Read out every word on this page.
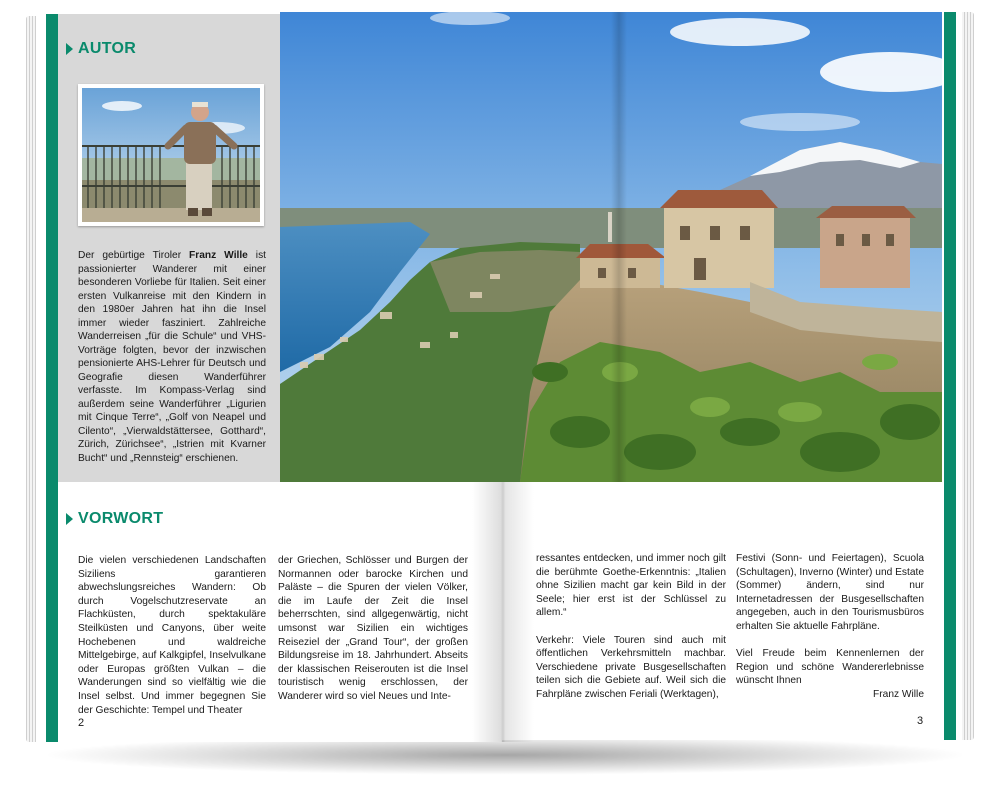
AUTOR
Der gebürtige Tiroler Franz Wille ist passionierter Wanderer mit einer besonderen Vorliebe für Italien. Seit einer ersten Vulkanreise mit den Kindern in den 1980er Jahren hat ihn die Insel immer wieder fasziniert. Zahlreiche Wanderreisen „für die Schule“ und VHS-Vorträge folgten, bevor der inzwischen pensionierte AHS-Lehrer für Deutsch und Geografie diesen Wanderführer verfasste. Im Kompass-Verlag sind außerdem seine Wanderführer „Ligurien mit Cinque Terre“, „Golf von Neapel und Cilento“, „Vierwaldstättersee, Gotthard“, Zürich, Zürichsee“, „Istrien mit Kvarner Bucht“ und „Rennsteig“ erschienen.
VORWORT

Die vielen verschiedenen Landschaften Siziliens garantieren abwechslungsreiches Wandern: Ob durch Vogelschutzreservate an Flachküsten, durch spektakuläre Steilküsten und Canyons, über weite Hochebenen und waldreiche Mittelgebirge, auf Kalkgipfel, Inselvulkane oder Europas größten Vulkan – die Wanderungen sind so vielfältig wie die Insel selbst. Und immer begegnen Sie der Geschichte: Tempel und Theater

der Griechen, Schlösser und Burgen der Normannen oder barocke Kirchen und Paläste – die Spuren der vielen Völker, die im Laufe der Zeit die Insel beherrschten, sind allgegenwärtig, nicht umsonst war Sizilien ein wichtiges Reiseziel der „Grand Tour“, der großen Bildungsreise im 18. Jahrhundert. Abseits der klassischen Reiserouten ist die Insel touristisch wenig erschlossen, der Wanderer wird so viel Neues und Inte-

2

ressantes entdecken, und immer noch gilt die berühmte Goethe-Erkenntnis: „Italien ohne Sizilien macht gar kein Bild in der Seele; hier erst ist der Schlüssel zu allem.“

Verkehr: Viele Touren sind auch mit öffentlichen Verkehrsmitteln machbar. Verschiedene private Busgesellschaften teilen sich die Gebiete auf. Weil sich die Fahrpläne zwischen Feriali (Werktagen),

Festivi (Sonn- und Feiertagen), Scuola (Schultagen), Inverno (Winter) und Estate (Sommer) ändern, sind nur Internetadressen der Busgesellschaften angegeben, auch in den Tourismusbüros erhalten Sie aktuelle Fahrpläne.

Viel Freude beim Kennenlernen der Region und schöne Wandererlebnisse wünscht Ihnen

Franz Wille

3
